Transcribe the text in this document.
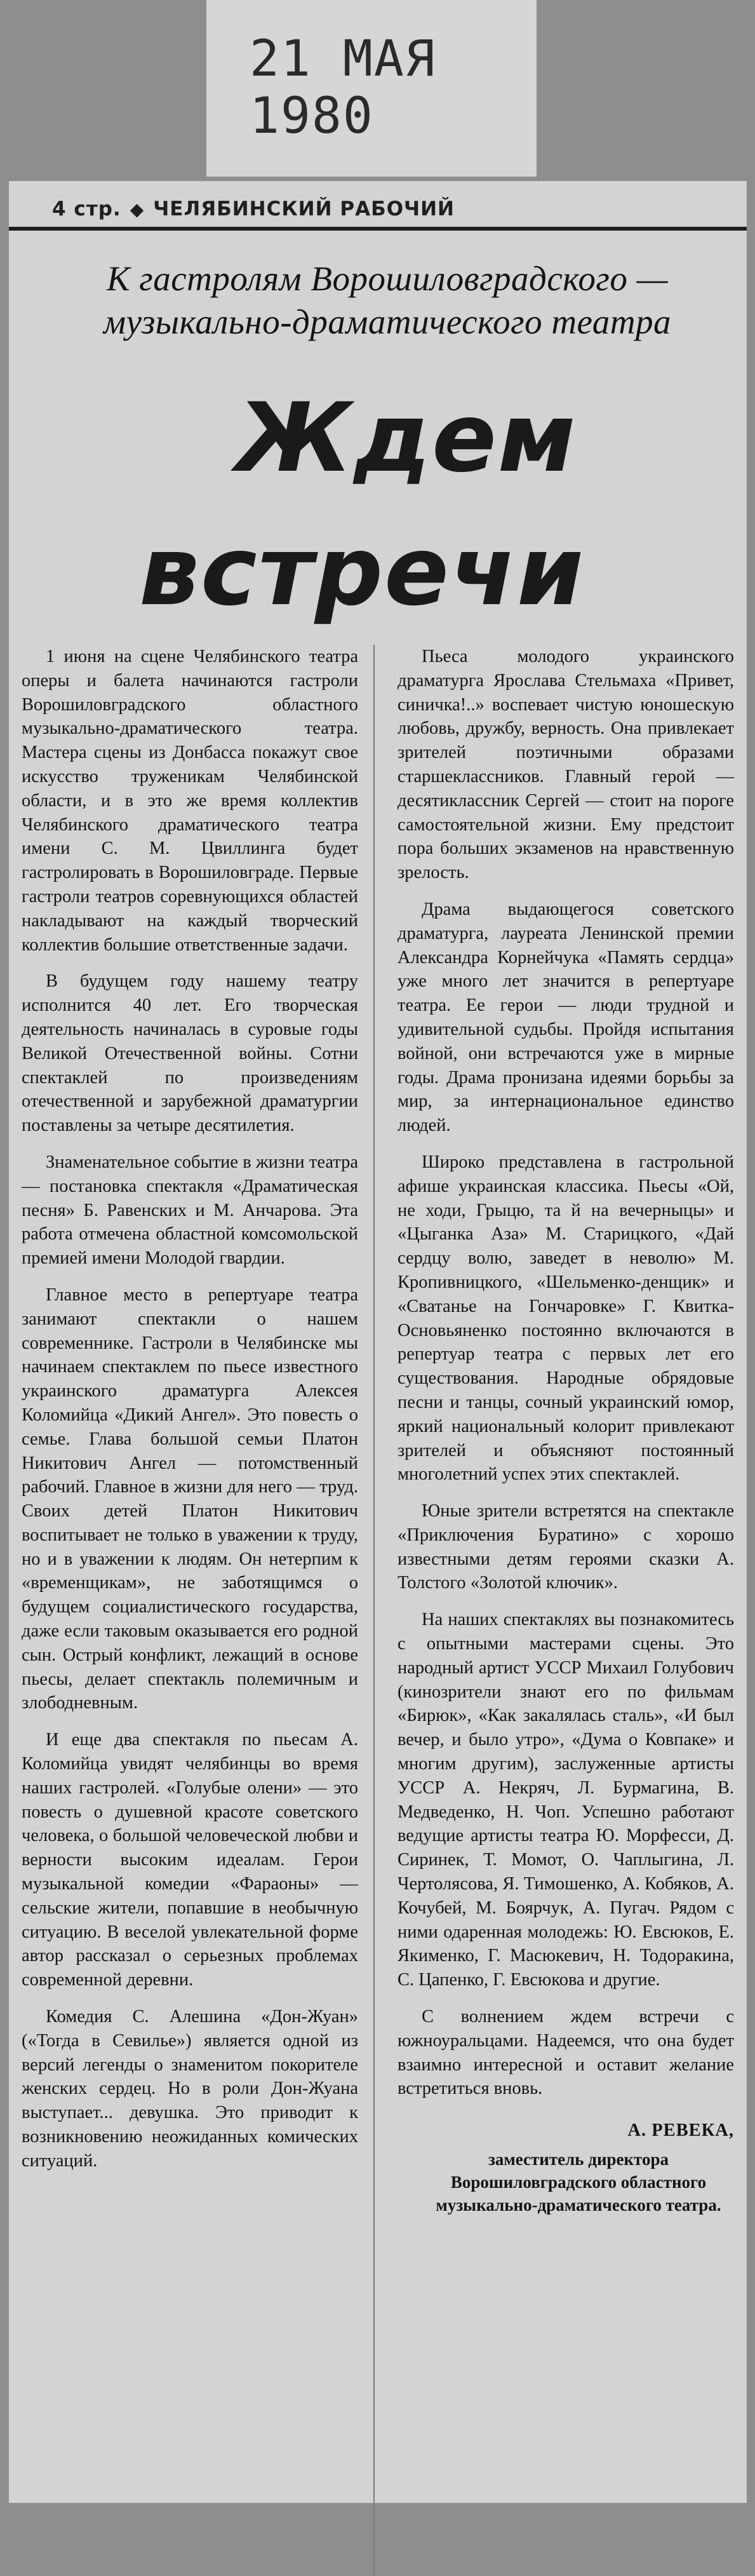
21 МАЯ 1980
4 стр. ◆ ЧЕЛЯБИНСКИЙ РАБОЧИЙ
К гастролям Ворошиловградского — музыкально-драматического театра
Ждем
встречи

1 июня на сцене Челябинского театра оперы и балета начинаются гастроли Ворошиловградского областного музыкально-драматического театра. Мастера сцены из Донбасса покажут свое искусство труженикам Челябинской области, и в это же время коллектив Челябинского драматического театра имени С. М. Цвиллинга будет гастролировать в Ворошиловграде. Первые гастроли театров соревнующихся областей накладывают на каждый творческий коллектив большие ответственные задачи.

В будущем году нашему театру исполнится 40 лет. Его творческая деятельность начиналась в суровые годы Великой Отечественной войны. Сотни спектаклей по произведениям отечественной и зарубежной драматургии поставлены за четыре десятилетия.

Знаменательное событие в жизни театра — постановка спектакля «Драматическая песня» Б. Равенских и М. Анчарова. Эта работа отмечена областной комсомольской премией имени Молодой гвардии.

Главное место в репертуаре театра занимают спектакли о нашем современнике. Гастроли в Челябинске мы начинаем спектаклем по пьесе известного украинского драматурга Алексея Коломийца «Дикий Ангел». Это повесть о семье. Глава большой семьи Платон Никитович Ангел — потомственный рабочий. Главное в жизни для него — труд. Своих детей Платон Никитович воспитывает не только в уважении к труду, но и в уважении к людям. Он нетерпим к «временщикам», не заботящимся о будущем социалистического государства, даже если таковым оказывается его родной сын. Острый конфликт, лежащий в основе пьесы, делает спектакль полемичным и злободневным.

И еще два спектакля по пьесам А. Коломийца увидят челябинцы во время наших гастролей. «Голубые олени» — это повесть о душевной красоте советского человека, о большой человеческой любви и верности высоким идеалам. Герои музыкальной комедии «Фараоны» — сельские жители, попавшие в необычную ситуацию. В веселой увлекательной форме автор рассказал о серьезных проблемах современной деревни.

Комедия С. Алешина «Дон-Жуан» («Тогда в Севилье») является одной из версий легенды о знаменитом покорителе женских сердец. Но в роли Дон-Жуана выступает... девушка. Это приводит к возникновению неожиданных комических ситуаций.

Пьеса молодого украинского драматурга Ярослава Стельмаха «Привет, синичка!..» воспевает чистую юношескую любовь, дружбу, верность. Она привлекает зрителей поэтичными образами старшеклассников. Главный герой — десятиклассник Сергей — стоит на пороге самостоятельной жизни. Ему предстоит пора больших экзаменов на нравственную зрелость.

Драма выдающегося советского драматурга, лауреата Ленинской премии Александра Корнейчука «Память сердца» уже много лет значится в репертуаре театра. Ее герои — люди трудной и удивительной судьбы. Пройдя испытания войной, они встречаются уже в мирные годы. Драма пронизана идеями борьбы за мир, за интернациональное единство людей.

Широко представлена в гастрольной афише украинская классика. Пьесы «Ой, не ходи, Грыцю, та й на вечерныцы» и «Цыганка Аза» М. Старицкого, «Дай сердцу волю, заведет в неволю» М. Кропивницкого, «Шельменко-денщик» и «Сватанье на Гончаровке» Г. Квитка-Основьяненко постоянно включаются в репертуар театра с первых лет его существования. Народные обрядовые песни и танцы, сочный украинский юмор, яркий национальный колорит привлекают зрителей и объясняют постоянный многолетний успех этих спектаклей.

Юные зрители встретятся на спектакле «Приключения Буратино» с хорошо известными детям героями сказки А. Толстого «Золотой ключик».

На наших спектаклях вы познакомитесь с опытными мастерами сцены. Это народный артист УССР Михаил Голубович (кинозрители знают его по фильмам «Бирюк», «Как закалялась сталь», «И был вечер, и было утро», «Дума о Ковпаке» и многим другим), заслуженные артисты УССР А. Некряч, Л. Бурмагина, В. Медведенко, Н. Чоп. Успешно работают ведущие артисты театра Ю. Морфесси, Д. Сиринек, Т. Момот, О. Чаплыгина, Л. Чертолясова, Я. Тимошенко, А. Кобяков, А. Кочубей, М. Боярчук, А. Пугач. Рядом с ними одаренная молодежь: Ю. Евсюков, Е. Якименко, Г. Масюкевич, Н. Тодоракина, С. Цапенко, Г. Евсюкова и другие.

С волнением ждем встречи с южноуральцами. Надеемся, что она будет взаимно интересной и оставит желание встретиться вновь.

А. РЕВЕКА,
заместитель директора Ворошиловградского областного музыкально-драматического театра.
